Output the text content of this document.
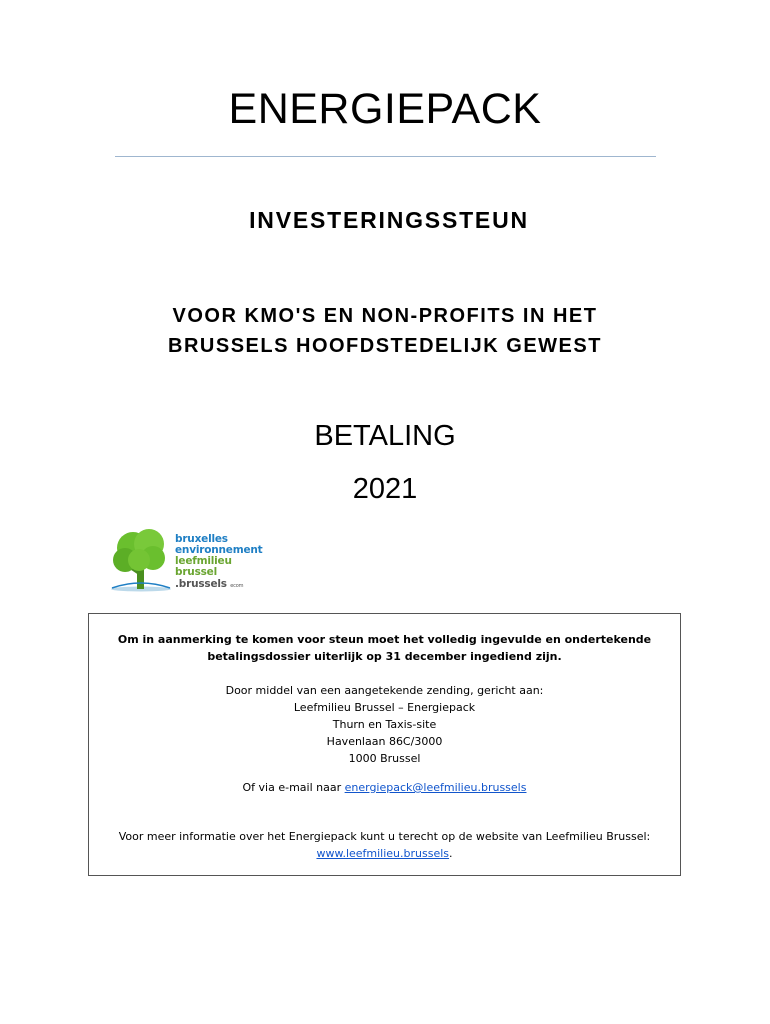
ENERGIEPACK
INVESTERINGSSTEUN
VOOR KMO'S EN NON-PROFITS IN HET
BRUSSELS HOOFDSTEDELIJK GEWEST
BETALING
2021
bruxelles
environnement
leefmilieu
brussel
.brussels ecom
Om in aanmerking te komen voor steun moet het volledig ingevulde en ondertekende
betalingsdossier uiterlijk op 31 december ingediend zijn.
Door middel van een aangetekende zending, gericht aan:
Leefmilieu Brussel – Energiepack
Thurn en Taxis-site
Havenlaan 86C/3000
1000 Brussel
Of via e-mail naar energiepack@leefmilieu.brussels
Voor meer informatie over het Energiepack kunt u terecht op de website van Leefmilieu Brussel:
www.leefmilieu.brussels.
